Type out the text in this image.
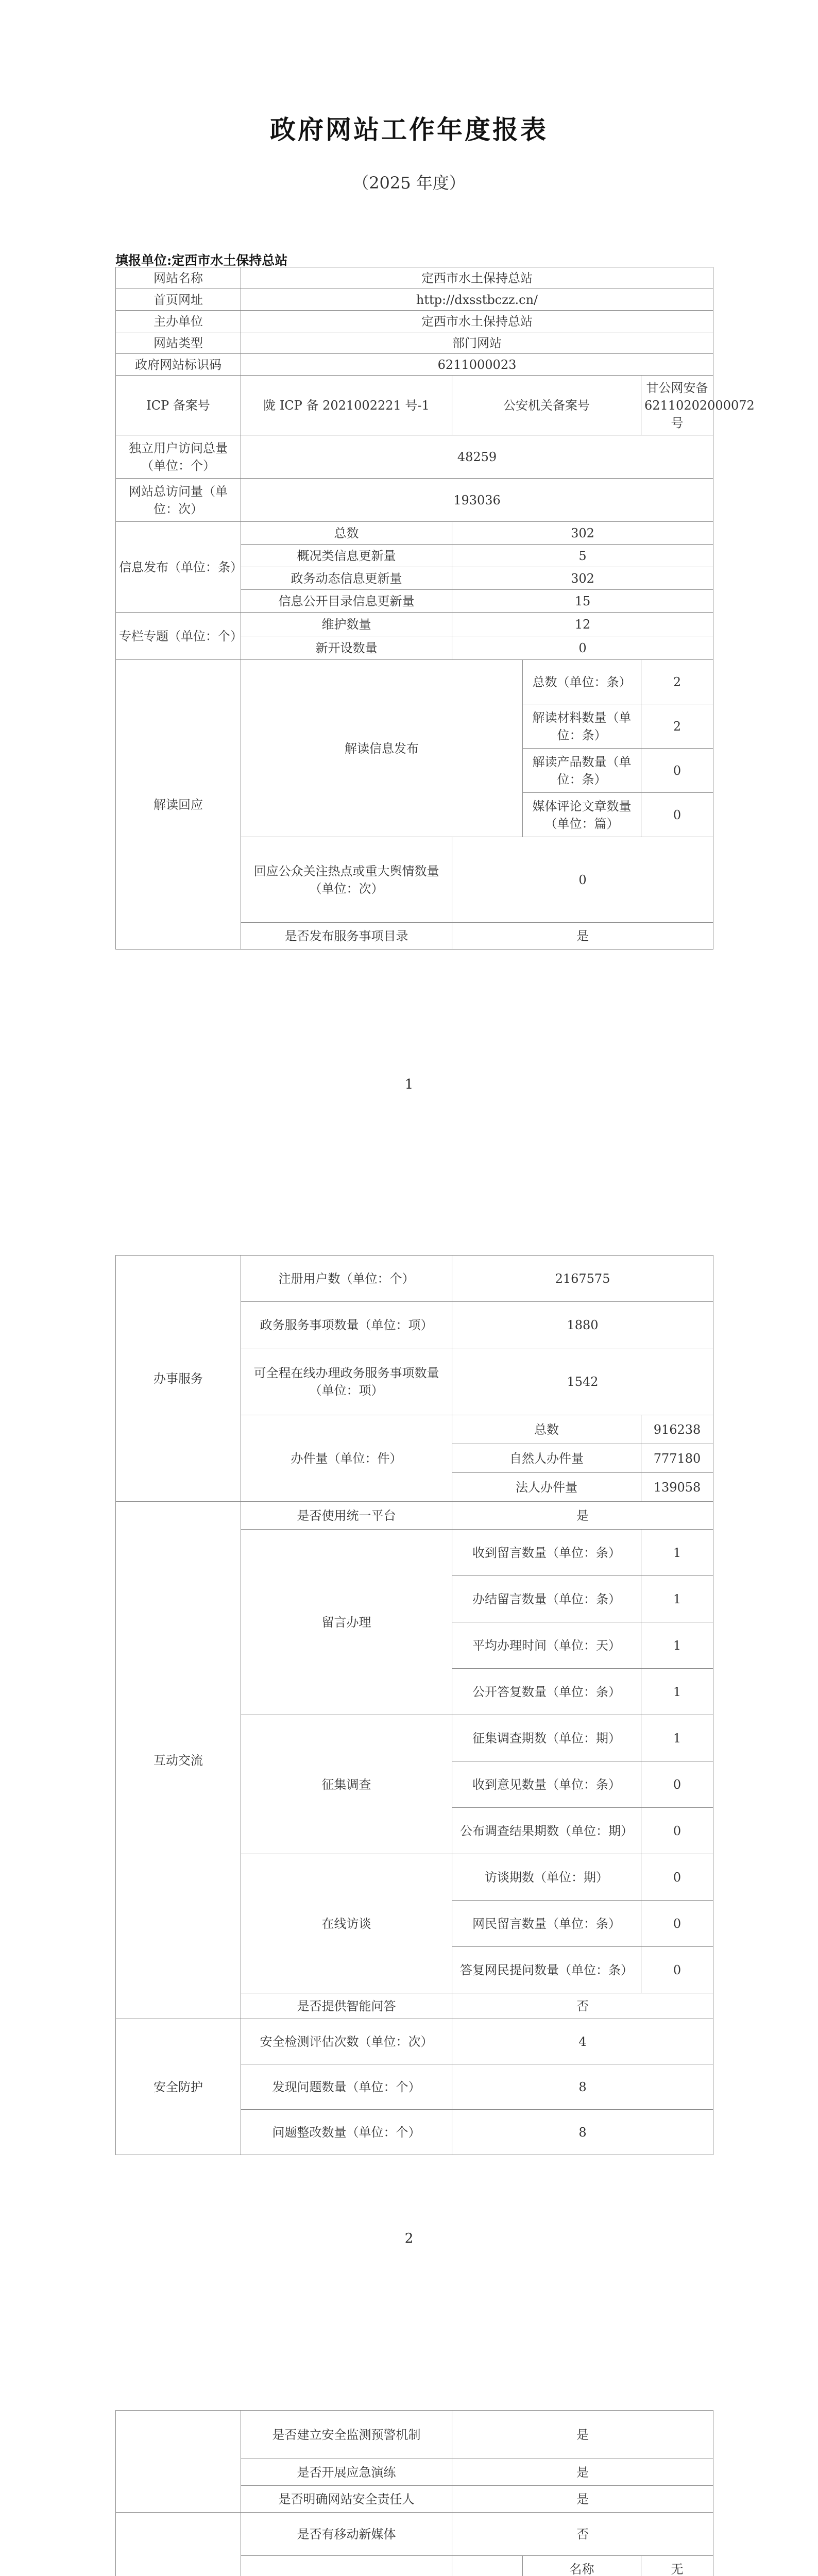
政府网站工作年度报表
（2025 年度）
填报单位:定西市水土保持总站
网站名称	定西市水土保持总站			
首页网址	http://dxsstbczz.cn/			
主办单位	定西市水土保持总站			
网站类型	部门网站			
政府网站标识码	6211000023			
ICP 备案号	陇 ICP 备 2021002221 号-1	公安机关备案号		甘公网安备 62110202000072 号
独立用户访问总量（单位：个）	48259			
网站总访问量（单位：次）	193036			
信息发布（单位：条）	总数	302		
	概况类信息更新量	5		
	政务动态信息更新量	302		
	信息公开目录信息更新量	15		
专栏专题（单位：个）	维护数量	12		
	新开设数量	0		
解读回应	解读信息发布		总数（单位：条）	2
			解读材料数量（单位：条）	2
			解读产品数量（单位：条）	0
			媒体评论文章数量（单位：篇）	0
	回应公众关注热点或重大舆情数量（单位：次）	0		
	是否发布服务事项目录	是		
1
办事服务	注册用户数（单位：个）	2167575	
	政务服务事项数量（单位：项）	1880	
	可全程在线办理政务服务事项数量（单位：项）	1542	
	办件量（单位：件）	总数	916238
		自然人办件量	777180
		法人办件量	139058
互动交流	是否使用统一平台	是	
	留言办理	收到留言数量（单位：条）	1
		办结留言数量（单位：条）	1
		平均办理时间（单位：天）	1
		公开答复数量（单位：条）	1
	征集调查	征集调查期数（单位：期）	1
		收到意见数量（单位：条）	0
		公布调查结果期数（单位：期）	0
	在线访谈	访谈期数（单位：期）	0
		网民留言数量（单位：条）	0
		答复网民提问数量（单位：条）	0
	是否提供智能问答	否	
安全防护	安全检测评估次数（单位：次）	4	
	发现问题数量（单位：个）	8	
	问题整改数量（单位：个）	8	
2
	是否建立安全监测预警机制	是		
	是否开展应急演练	是		
	是否明确网站安全责任人	是		
	是否有移动新媒体	否		
		名称	无
